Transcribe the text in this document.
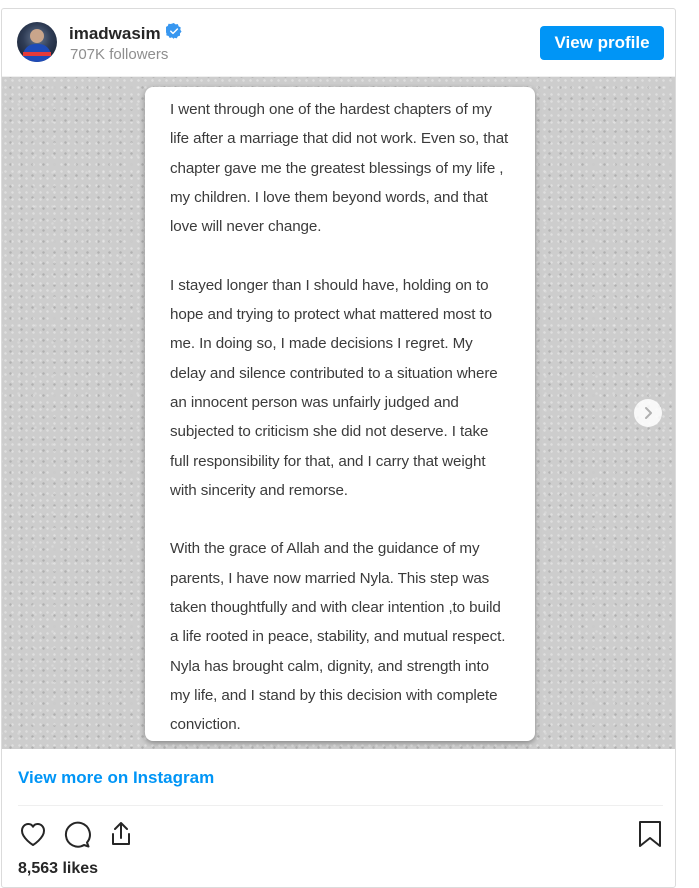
imadwasim
707K followers
View profile

I went through one of the hardest chapters of my life after a marriage that did not work. Even so, that chapter gave me the greatest blessings of my life , my children. I love them beyond words, and that love will never change.

I stayed longer than I should have, holding on to hope and trying to protect what mattered most to me. In doing so, I made decisions I regret. My delay and silence contributed to a situation where an innocent person was unfairly judged and subjected to criticism she did not deserve. I take full responsibility for that, and I carry that weight with sincerity and remorse.

With the grace of Allah and the guidance of my parents, I have now married Nyla. This step was taken thoughtfully and with clear intention ,to build a life rooted in peace, stability, and mutual respect. Nyla has brought calm, dignity, and strength into my life, and I stand by this decision with complete conviction.

View more on Instagram
8,563 likes
